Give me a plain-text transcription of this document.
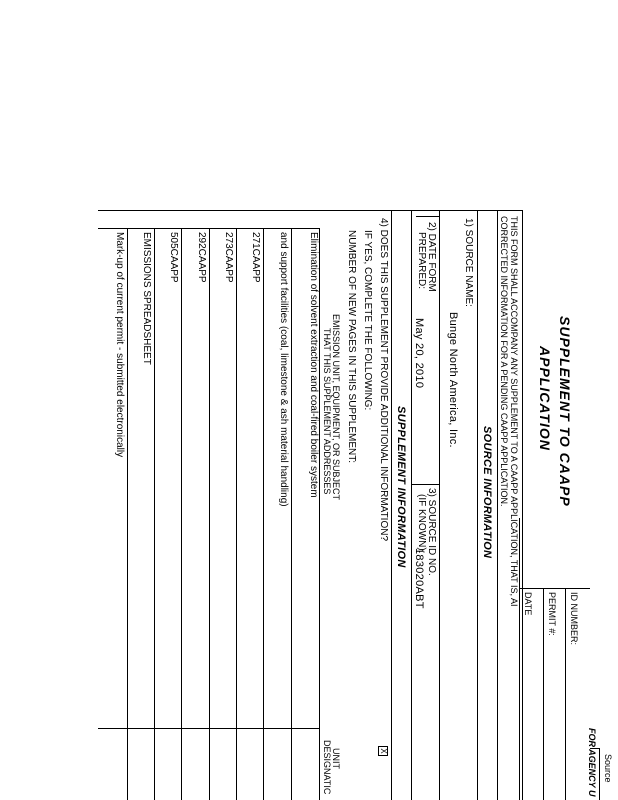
Source
FOR AGENCY U
ID NUMBER:
PERMIT #:
DATE
SUPPLEMENT TO CAAPP
APPLICATION
THIS FORM SHALL ACCOMPANY ANY SUPPLEMENT TO A CAAPP APPLICATION, THAT IS, AI
CORRECTED INFORMATION FOR A PENDING CAAPP APPLICATION.
SOURCE INFORMATION
1) SOURCE NAME:
Bunge North America, Inc.
2) DATE FORM
PREPARED:
May 20, 2010
3) SOURCE ID NO.
(IF KNOWN):
183020ABT
SUPPLEMENT INFORMATION
4) DOES THIS SUPPLEMENT PROVIDE ADDITIONAL INFORMATION?
X
IF YES, COMPLETE THE FOLLOWING:
NUMBER OF NEW PAGES IN THIS SUPPLEMENT:
EMISSION UNIT, EQUIPMENT, OR SUBJECT
THAT THIS SUPPLEMENT ADDRESSES
UNIT
DESIGNATIC
Elimination of solvent extraction and coal-fired boiler system
and support facilities (coal, limestone & ash material handling)
271CAAPP
273CAAPP
292CAAPP
505CAAPP
EMISSIONS SPREADSHEET
Mark-up of current permit - submitted electronically
